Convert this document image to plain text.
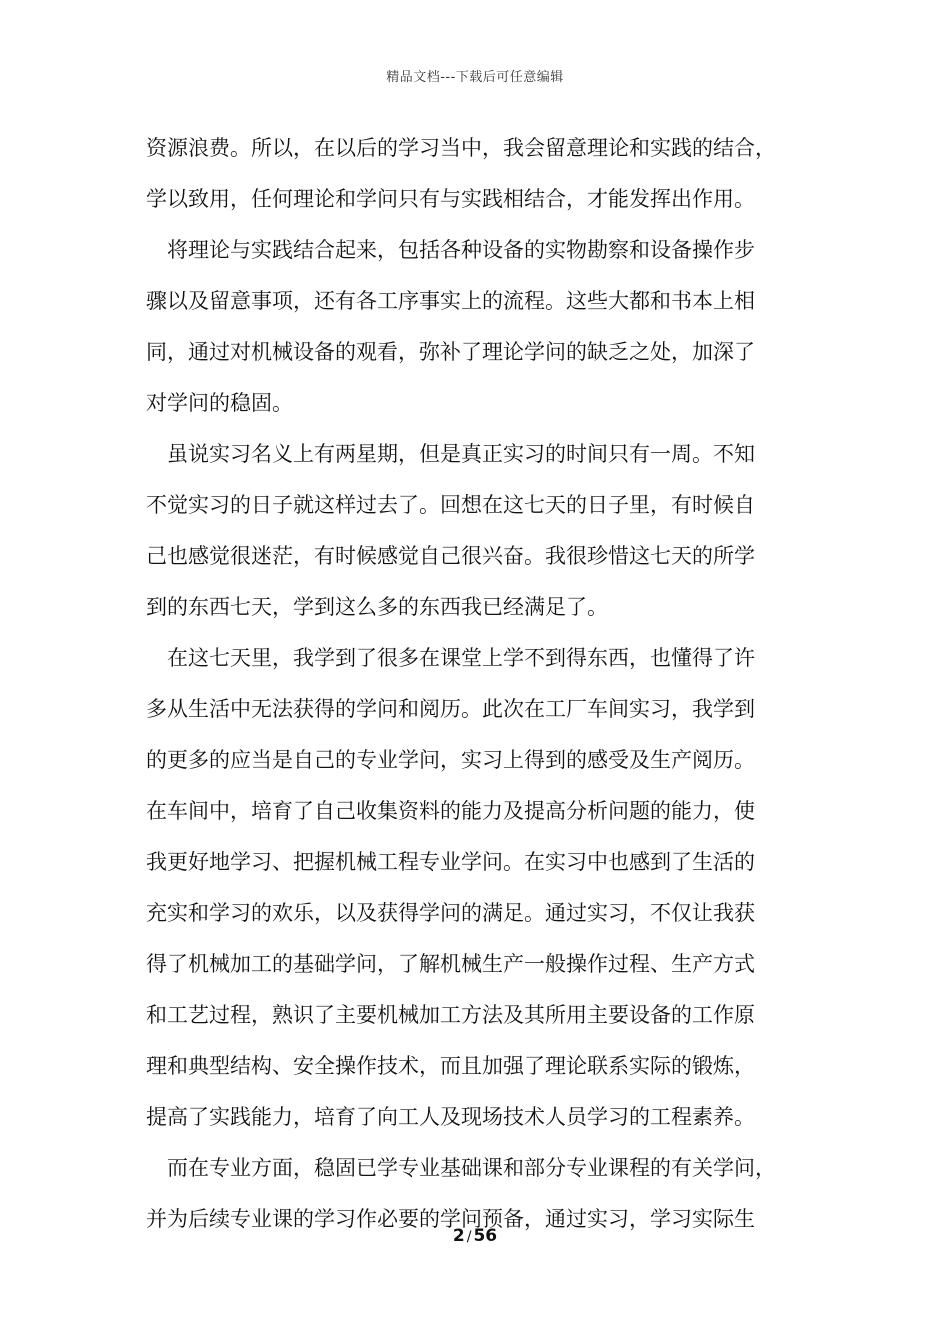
精品文档---下载后可任意编辑
资源浪费。所以，在以后的学习当中，我会留意理论和实践的结合，
学以致用，任何理论和学问只有与实践相结合，才能发挥出作用。
将理论与实践结合起来，包括各种设备的实物勘察和设备操作步
骤以及留意事项，还有各工序事实上的流程。这些大都和书本上相
同，通过对机械设备的观看，弥补了理论学问的缺乏之处，加深了
对学问的稳固。
虽说实习名义上有两星期，但是真正实习的时间只有一周。不知
不觉实习的日子就这样过去了。回想在这七天的日子里，有时候自
己也感觉很迷茫，有时候感觉自己很兴奋。我很珍惜这七天的所学
到的东西七天，学到这么多的东西我已经满足了。
在这七天里，我学到了很多在课堂上学不到得东西，也懂得了许
多从生活中无法获得的学问和阅历。此次在工厂车间实习，我学到
的更多的应当是自己的专业学问，实习上得到的感受及生产阅历。
在车间中，培育了自己收集资料的能力及提高分析问题的能力，使
我更好地学习、把握机械工程专业学问。在实习中也感到了生活的
充实和学习的欢乐，以及获得学问的满足。通过实习，不仅让我获
得了机械加工的基础学问，了解机械生产一般操作过程、生产方式
和工艺过程，熟识了主要机械加工方法及其所用主要设备的工作原
理和典型结构、安全操作技术，而且加强了理论联系实际的锻炼，
提高了实践能力，培育了向工人及现场技术人员学习的工程素养。
而在专业方面，稳固已学专业基础课和部分专业课程的有关学问，
并为后续专业课的学习作必要的学问预备，通过实习，学习实际生
2 / 56
